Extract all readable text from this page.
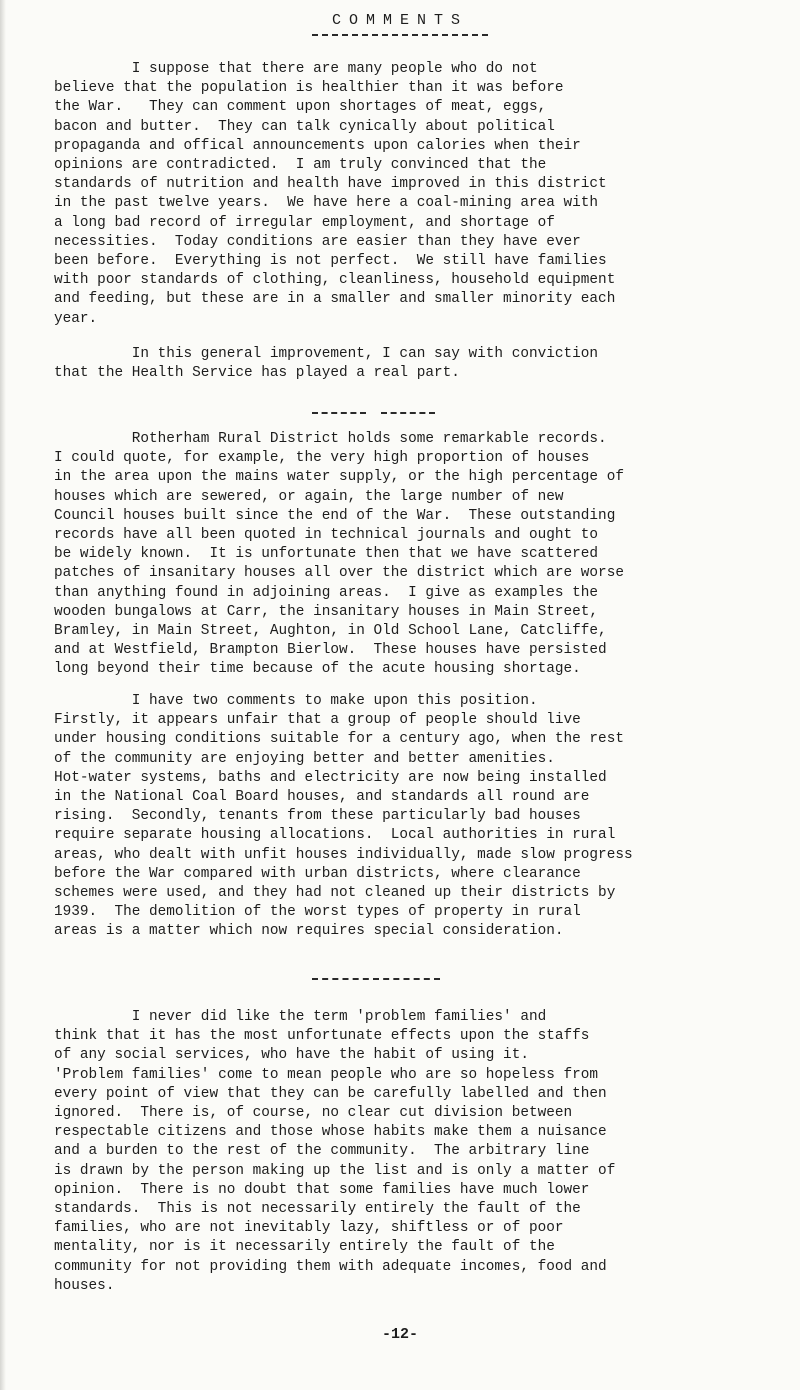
COMMENTS

I suppose that there are many people who do not
believe that the population is healthier than it was before
the War.   They can comment upon shortages of meat, eggs,
bacon and butter.  They can talk cynically about political
propaganda and offical announcements upon calories when their
opinions are contradicted.  I am truly convinced that the
standards of nutrition and health have improved in this district
in the past twelve years.  We have here a coal-mining area with
a long bad record of irregular employment, and shortage of
necessities.  Today conditions are easier than they have ever
been before.  Everything is not perfect.  We still have families
with poor standards of clothing, cleanliness, household equipment
and feeding, but these are in a smaller and smaller minority each
year.

In this general improvement, I can say with conviction
that the Health Service has played a real part.

Rotherham Rural District holds some remarkable records.
I could quote, for example, the very high proportion of houses
in the area upon the mains water supply, or the high percentage of
houses which are sewered, or again, the large number of new
Council houses built since the end of the War.  These outstanding
records have all been quoted in technical journals and ought to
be widely known.  It is unfortunate then that we have scattered
patches of insanitary houses all over the district which are worse
than anything found in adjoining areas.  I give as examples the
wooden bungalows at Carr, the insanitary houses in Main Street,
Bramley, in Main Street, Aughton, in Old School Lane, Catcliffe,
and at Westfield, Brampton Bierlow.  These houses have persisted
long beyond their time because of the acute housing shortage.

I have two comments to make upon this position.
Firstly, it appears unfair that a group of people should live
under housing conditions suitable for a century ago, when the rest
of the community are enjoying better and better amenities.
Hot-water systems, baths and electricity are now being installed
in the National Coal Board houses, and standards all round are
rising.  Secondly, tenants from these particularly bad houses
require separate housing allocations.  Local authorities in rural
areas, who dealt with unfit houses individually, made slow progress
before the War compared with urban districts, where clearance
schemes were used, and they had not cleaned up their districts by
1939.  The demolition of the worst types of property in rural
areas is a matter which now requires special consideration.

I never did like the term 'problem families' and
think that it has the most unfortunate effects upon the staffs
of any social services, who have the habit of using it.
'Problem families' come to mean people who are so hopeless from
every point of view that they can be carefully labelled and then
ignored.  There is, of course, no clear cut division between
respectable citizens and those whose habits make them a nuisance
and a burden to the rest of the community.  The arbitrary line
is drawn by the person making up the list and is only a matter of
opinion.  There is no doubt that some families have much lower
standards.  This is not necessarily entirely the fault of the
families, who are not inevitably lazy, shiftless or of poor
mentality, nor is it necessarily entirely the fault of the
community for not providing them with adequate incomes, food and
houses.

-12-
